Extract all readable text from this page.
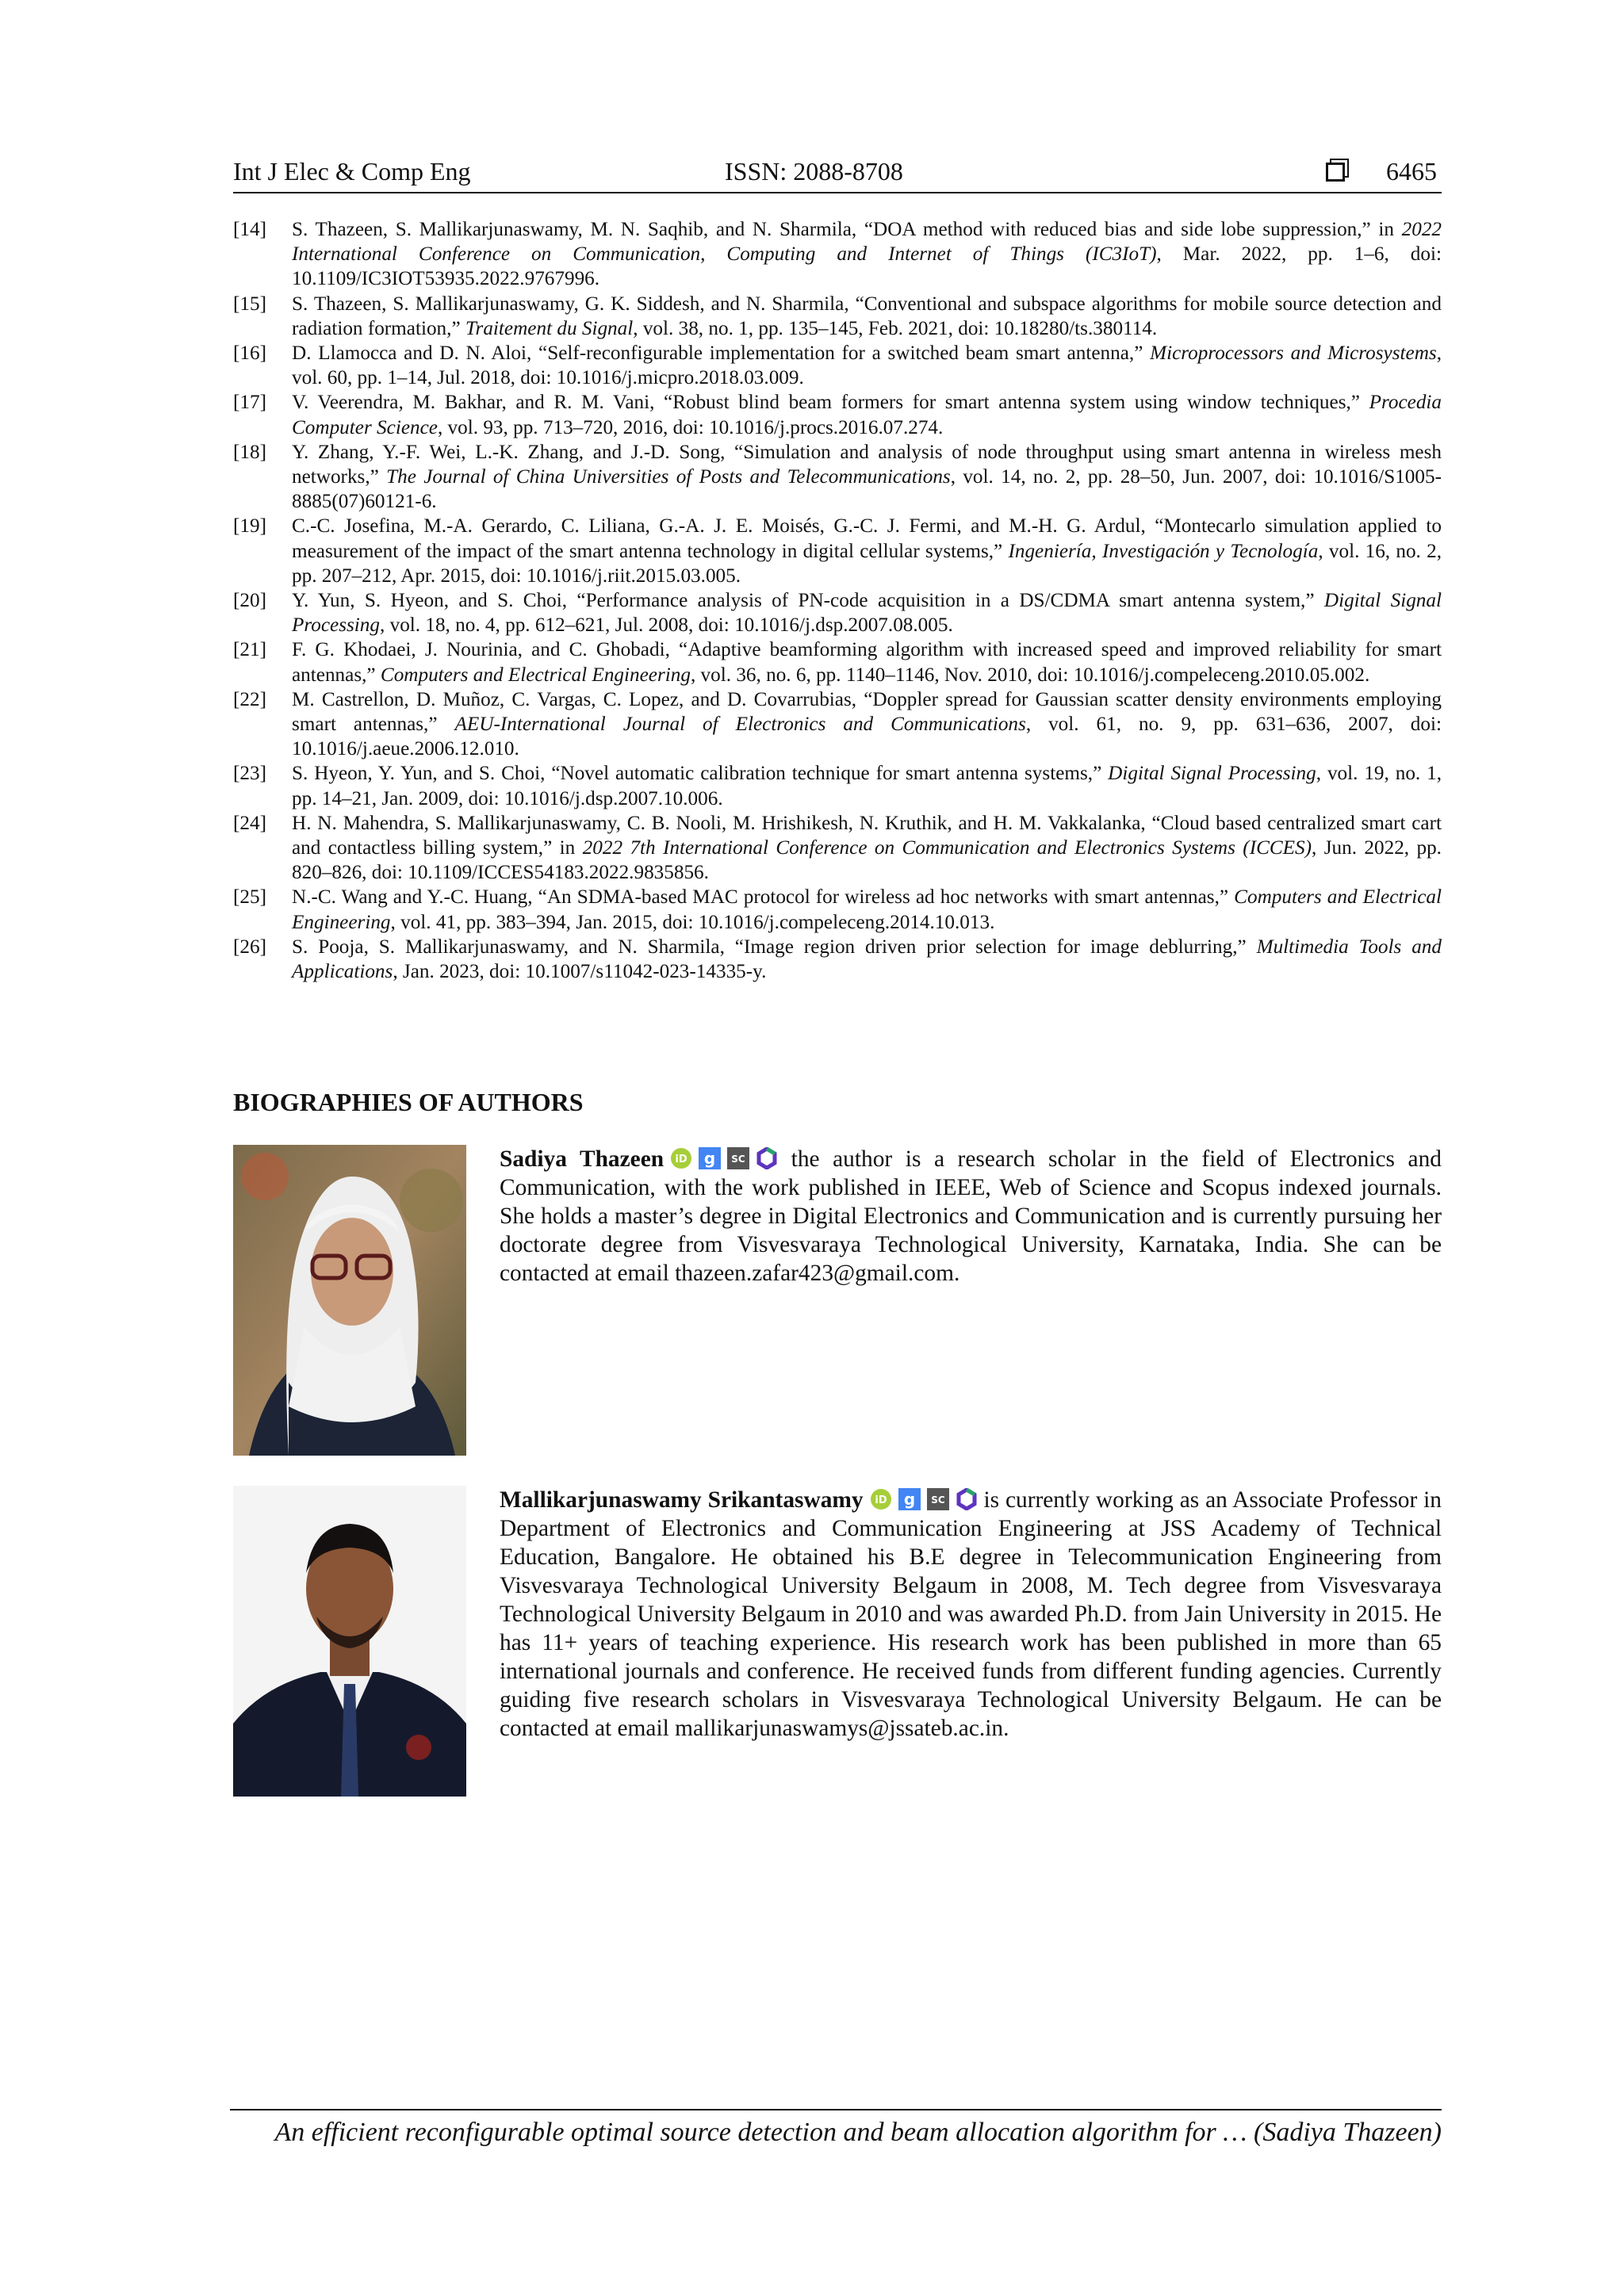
Int J Elec & Comp Eng	ISSN: 2088-8708	6465
[14]	S. Thazeen, S. Mallikarjunaswamy, M. N. Saqhib, and N. Sharmila, “DOA method with reduced bias and side lobe suppression,” in 2022 International Conference on Communication, Computing and Internet of Things (IC3IoT), Mar. 2022, pp. 1–6, doi: 10.1109/IC3IOT53935.2022.9767996.
[15]	S. Thazeen, S. Mallikarjunaswamy, G. K. Siddesh, and N. Sharmila, “Conventional and subspace algorithms for mobile source detection and radiation formation,” Traitement du Signal, vol. 38, no. 1, pp. 135–145, Feb. 2021, doi: 10.18280/ts.380114.
[16]	D. Llamocca and D. N. Aloi, “Self-reconfigurable implementation for a switched beam smart antenna,” Microprocessors and Microsystems, vol. 60, pp. 1–14, Jul. 2018, doi: 10.1016/j.micpro.2018.03.009.
[17]	V. Veerendra, M. Bakhar, and R. M. Vani, “Robust blind beam formers for smart antenna system using window techniques,” Procedia Computer Science, vol. 93, pp. 713–720, 2016, doi: 10.1016/j.procs.2016.07.274.
[18]	Y. Zhang, Y.-F. Wei, L.-K. Zhang, and J.-D. Song, “Simulation and analysis of node throughput using smart antenna in wireless mesh networks,” The Journal of China Universities of Posts and Telecommunications, vol. 14, no. 2, pp. 28–50, Jun. 2007, doi: 10.1016/S1005-8885(07)60121-6.
[19]	C.-C. Josefina, M.-A. Gerardo, C. Liliana, G.-A. J. E. Moisés, G.-C. J. Fermi, and M.-H. G. Ardul, “Montecarlo simulation applied to measurement of the impact of the smart antenna technology in digital cellular systems,” Ingeniería, Investigación y Tecnología, vol. 16, no. 2, pp. 207–212, Apr. 2015, doi: 10.1016/j.riit.2015.03.005.
[20]	Y. Yun, S. Hyeon, and S. Choi, “Performance analysis of PN-code acquisition in a DS/CDMA smart antenna system,” Digital Signal Processing, vol. 18, no. 4, pp. 612–621, Jul. 2008, doi: 10.1016/j.dsp.2007.08.005.
[21]	F. G. Khodaei, J. Nourinia, and C. Ghobadi, “Adaptive beamforming algorithm with increased speed and improved reliability for smart antennas,” Computers and Electrical Engineering, vol. 36, no. 6, pp. 1140–1146, Nov. 2010, doi: 10.1016/j.compeleceng.2010.05.002.
[22]	M. Castrellon, D. Muñoz, C. Vargas, C. Lopez, and D. Covarrubias, “Doppler spread for Gaussian scatter density environments employing smart antennas,” AEU-International Journal of Electronics and Communications, vol. 61, no. 9, pp. 631–636, 2007, doi: 10.1016/j.aeue.2006.12.010.
[23]	S. Hyeon, Y. Yun, and S. Choi, “Novel automatic calibration technique for smart antenna systems,” Digital Signal Processing, vol. 19, no. 1, pp. 14–21, Jan. 2009, doi: 10.1016/j.dsp.2007.10.006.
[24]	H. N. Mahendra, S. Mallikarjunaswamy, C. B. Nooli, M. Hrishikesh, N. Kruthik, and H. M. Vakkalanka, “Cloud based centralized smart cart and contactless billing system,” in 2022 7th International Conference on Communication and Electronics Systems (ICCES), Jun. 2022, pp. 820–826, doi: 10.1109/ICCES54183.2022.9835856.
[25]	N.-C. Wang and Y.-C. Huang, “An SDMA-based MAC protocol for wireless ad hoc networks with smart antennas,” Computers and Electrical Engineering, vol. 41, pp. 383–394, Jan. 2015, doi: 10.1016/j.compeleceng.2014.10.013.
[26]	S. Pooja, S. Mallikarjunaswamy, and N. Sharmila, “Image region driven prior selection for image deblurring,” Multimedia Tools and Applications, Jan. 2023, doi: 10.1007/s11042-023-14335-y.
BIOGRAPHIES OF AUTHORS
Sadiya Thazeen iD g SC the author is a research scholar in the field of Electronics and Communication, with the work published in IEEE, Web of Science and Scopus indexed journals. She holds a master’s degree in Digital Electronics and Communication and is currently pursuing her doctorate degree from Visvesvaraya Technological University, Karnataka, India. She can be contacted at email thazeen.zafar423@gmail.com.
Mallikarjunaswamy Srikantaswamy iD g SC is currently working as an Associate Professor in Department of Electronics and Communication Engineering at JSS Academy of Technical Education, Bangalore. He obtained his B.E degree in Telecommunication Engineering from Visvesvaraya Technological University Belgaum in 2008, M. Tech degree from Visvesvaraya Technological University Belgaum in 2010 and was awarded Ph.D. from Jain University in 2015. He has 11+ years of teaching experience. His research work has been published in more than 65 international journals and conference. He received funds from different funding agencies. Currently guiding five research scholars in Visvesvaraya Technological University Belgaum. He can be contacted at email mallikarjunaswamys@jssateb.ac.in.
An efficient reconfigurable optimal source detection and beam allocation algorithm for … (Sadiya Thazeen)
